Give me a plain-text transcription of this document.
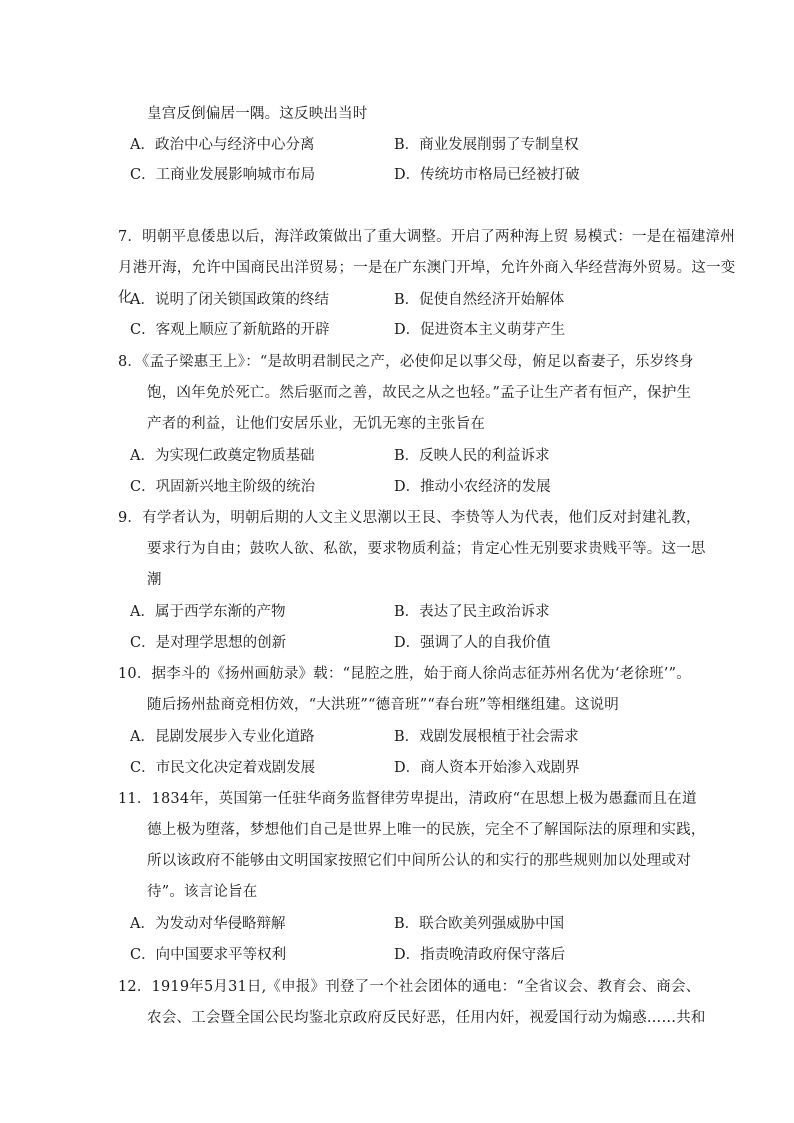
皇宫反倒偏居一隅。这反映出当时
A．政治中心与经济中心分离	B．商业发展削弱了专制皇权
C．工商业发展影响城市布局	D．传统坊市格局已经被打破
7．明朝平息倭患以后，海洋政策做出了重大调整。开启了两种海上贸 易模式：一是在福建漳州
月港开海，允许中国商民出洋贸易；一是在广东澳门开埠，允许外商入华经营海外贸易。这一变
化
A．说明了闭关锁国政策的终结	B．促使自然经济开始解体
C．客观上顺应了新航路的开辟	D．促进资本主义萌芽产生
8．《孟子梁惠王上》：“是故明君制民之产，必使仰足以事父母，俯足以畜妻子，乐岁终身
饱，凶年免於死亡。然后驱而之善，故民之从之也轻。”孟子让生产者有恒产，保护生
产者的利益，让他们安居乐业，无饥无寒的主张旨在
A．为实现仁政奠定物质基础	B．反映人民的利益诉求
C．巩固新兴地主阶级的统治	D．推动小农经济的发展
9．有学者认为，明朝后期的人文主义思潮以王艮、李贽等人为代表，他们反对封建礼教，
要求行为自由；鼓吹人欲、私欲，要求物质利益；肯定心性无别要求贵贱平等。这一思
潮
A．属于西学东渐的产物	B．表达了民主政治诉求
C．是对理学思想的创新	D．强调了人的自我价值
10．据李斗的《扬州画舫录》载：“昆腔之胜，始于商人徐尚志征苏州名优为‘老徐班’”。
随后扬州盐商竞相仿效，“大洪班”“德音班”“春台班”等相继组建。这说明
A．昆剧发展步入专业化道路	B．戏剧发展根植于社会需求
C．市民文化决定着戏剧发展	D．商人资本开始渗入戏剧界
11．1834年，英国第一任驻华商务监督律劳卑提出，清政府“在思想上极为愚蠢而且在道
德上极为堕落，梦想他们自己是世界上唯一的民族，完全不了解国际法的原理和实践，
所以该政府不能够由文明国家按照它们中间所公认的和实行的那些规则加以处理或对
待”。该言论旨在
A．为发动对华侵略辩解	B．联合欧美列强威胁中国
C．向中国要求平等权利	D．指责晚清政府保守落后
12．1919年5月31日,《申报》刊登了一个社会团体的通电：“全省议会、教育会、商会、
农会、工会暨全国公民均鉴北京政府反民好恶，任用内奸，视爱国行动为煽惑……共和
